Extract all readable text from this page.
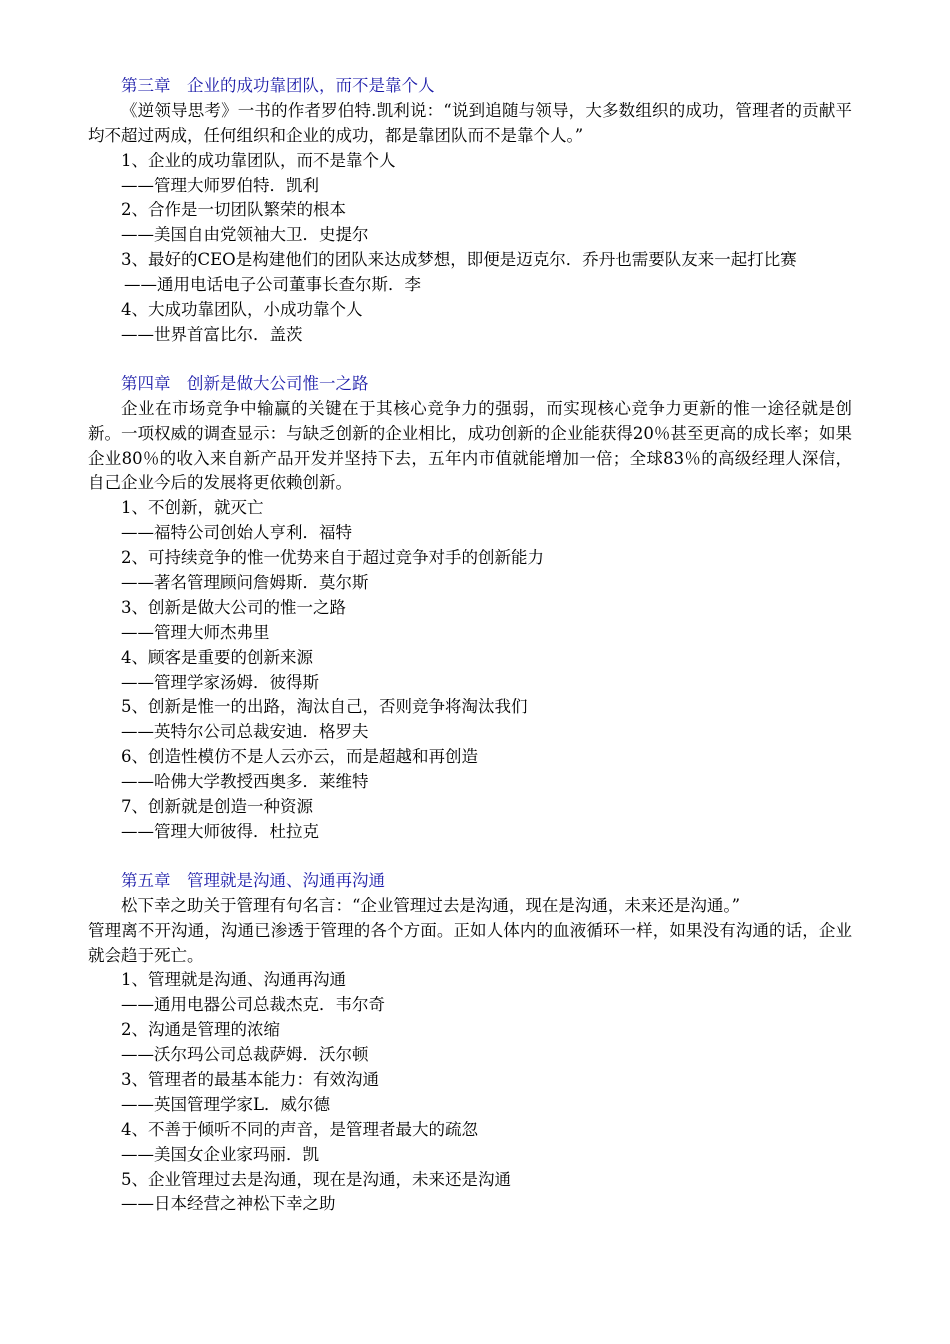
第三章　企业的成功靠团队，而不是靠个人
《逆领导思考》一书的作者罗伯特.凯利说：“说到追随与领导，大多数组织的成功，管理者的贡献平均不超过两成，任何组织和企业的成功，都是靠团队而不是靠个人。”
1、企业的成功靠团队，而不是靠个人
——管理大师罗伯特．凯利
2、合作是一切团队繁荣的根本
——美国自由党领袖大卫．史提尔
3、最好的CEO是构建他们的团队来达成梦想，即便是迈克尔．乔丹也需要队友来一起打比赛
——通用电话电子公司董事长查尔斯．李
4、大成功靠团队，小成功靠个人
——世界首富比尔．盖茨
第四章　创新是做大公司惟一之路
企业在市场竞争中输赢的关键在于其核心竞争力的强弱，而实现核心竞争力更新的惟一途径就是创新。一项权威的调查显示：与缺乏创新的企业相比，成功创新的企业能获得20％甚至更高的成长率；如果企业80％的收入来自新产品开发并坚持下去，五年内市值就能增加一倍；全球83％的高级经理人深信，自己企业今后的发展将更依赖创新。
1、不创新，就灭亡
——福特公司创始人亨利．福特
2、可持续竞争的惟一优势来自于超过竞争对手的创新能力
——著名管理顾问詹姆斯．莫尔斯
3、创新是做大公司的惟一之路
——管理大师杰弗里
4、顾客是重要的创新来源
——管理学家汤姆．彼得斯
5、创新是惟一的出路，淘汰自己，否则竞争将淘汰我们
——英特尔公司总裁安迪．格罗夫
6、创造性模仿不是人云亦云，而是超越和再创造
——哈佛大学教授西奥多．莱维特
7、创新就是创造一种资源
——管理大师彼得．杜拉克
第五章　管理就是沟通、沟通再沟通
松下幸之助关于管理有句名言：“企业管理过去是沟通，现在是沟通，未来还是沟通。”
管理离不开沟通，沟通已渗透于管理的各个方面。正如人体内的血液循环一样，如果没有沟通的话，企业就会趋于死亡。
1、管理就是沟通、沟通再沟通
——通用电器公司总裁杰克．韦尔奇
2、沟通是管理的浓缩
——沃尔玛公司总裁萨姆．沃尔顿
3、管理者的最基本能力：有效沟通
——英国管理学家L．威尔德
4、不善于倾听不同的声音，是管理者最大的疏忽
——美国女企业家玛丽．凯
5、企业管理过去是沟通，现在是沟通，未来还是沟通
——日本经营之神松下幸之助
